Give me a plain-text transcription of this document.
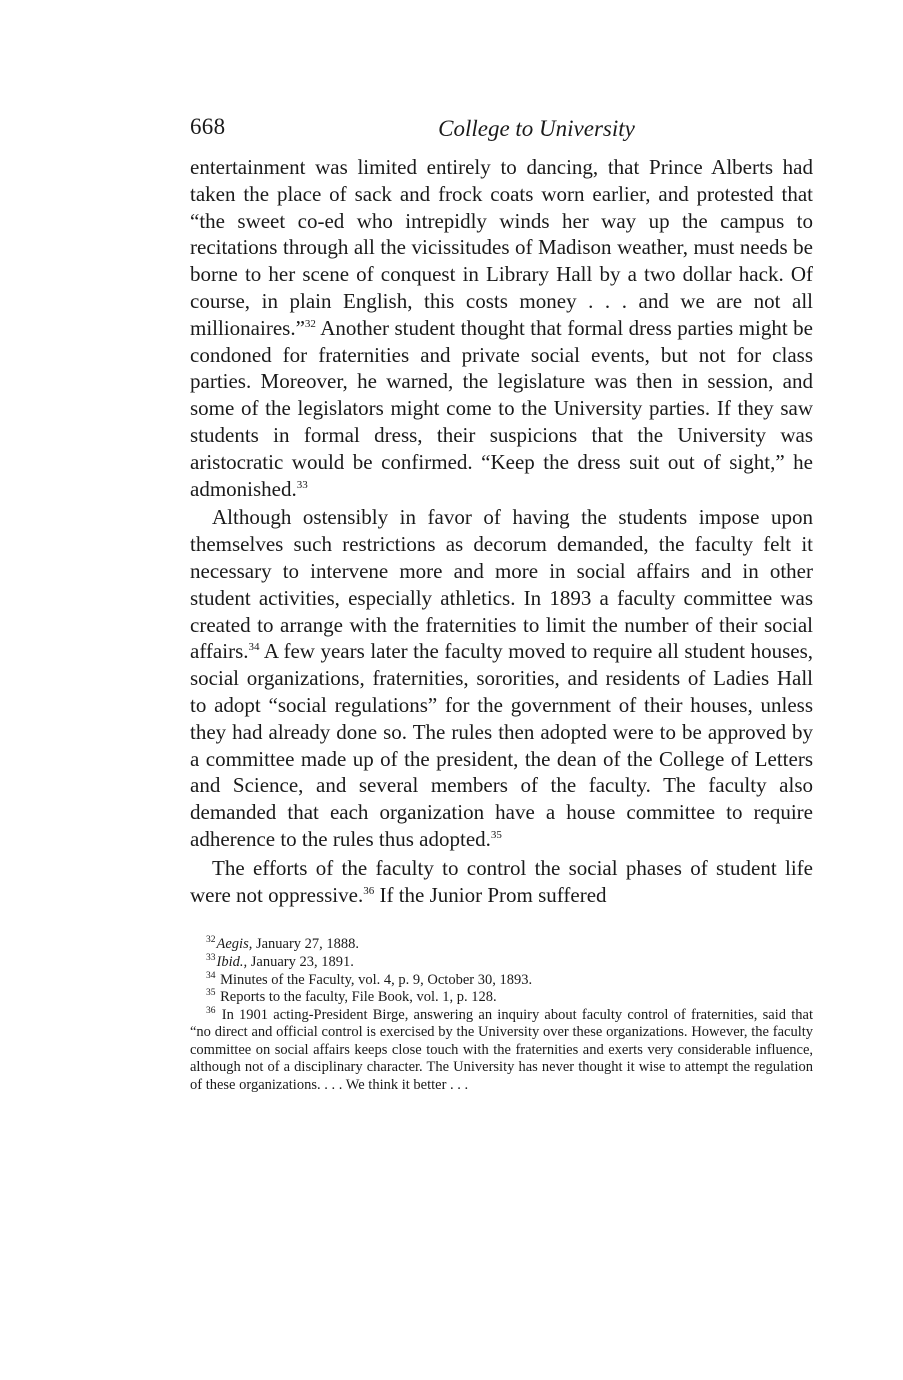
668	College to University

entertainment was limited entirely to dancing, that Prince Alberts had taken the place of sack and frock coats worn earlier, and protested that “the sweet co-ed who intrepidly winds her way up the campus to recitations through all the vicissitudes of Madison weather, must needs be borne to her scene of conquest in Library Hall by a two dollar hack. Of course, in plain English, this costs money . . . and we are not all millionaires.”$^{32}$ Another student thought that formal dress parties might be condoned for fraternities and private social events, but not for class parties. Moreover, he warned, the legislature was then in session, and some of the legislators might come to the University parties. If they saw students in formal dress, their suspicions that the University was aristocratic would be confirmed. “Keep the dress suit out of sight,” he admonished.$^{33}$

Although ostensibly in favor of having the students impose upon themselves such restrictions as decorum demanded, the faculty felt it necessary to intervene more and more in social affairs and in other student activities, especially athletics. In 1893 a faculty committee was created to arrange with the fraternities to limit the number of their social affairs.$^{34}$ A few years later the faculty moved to require all student houses, social organizations, fraternities, sororities, and residents of Ladies Hall to adopt “social regulations” for the government of their houses, unless they had already done so. The rules then adopted were to be approved by a committee made up of the president, the dean of the College of Letters and Science, and several members of the faculty. The faculty also demanded that each organization have a house committee to require adherence to the rules thus adopted.$^{35}$

The efforts of the faculty to control the social phases of student life were not oppressive.$^{36}$ If the Junior Prom suffered

$^{32}$Aegis, January 27, 1888.

$^{33}$Ibid., January 23, 1891.

$^{34}$ Minutes of the Faculty, vol. 4, p. 9, October 30, 1893.

$^{35}$ Reports to the faculty, File Book, vol. 1, p. 128.

$^{36}$ In 1901 acting-President Birge, answering an inquiry about faculty control of fraternities, said that “no direct and official control is exercised by the University over these organizations. However, the faculty committee on social affairs keeps close touch with the fraternities and exerts very considerable influence, although not of a disciplinary character. The University has never thought it wise to attempt the regulation of these organizations. . . . We think it better . . .
